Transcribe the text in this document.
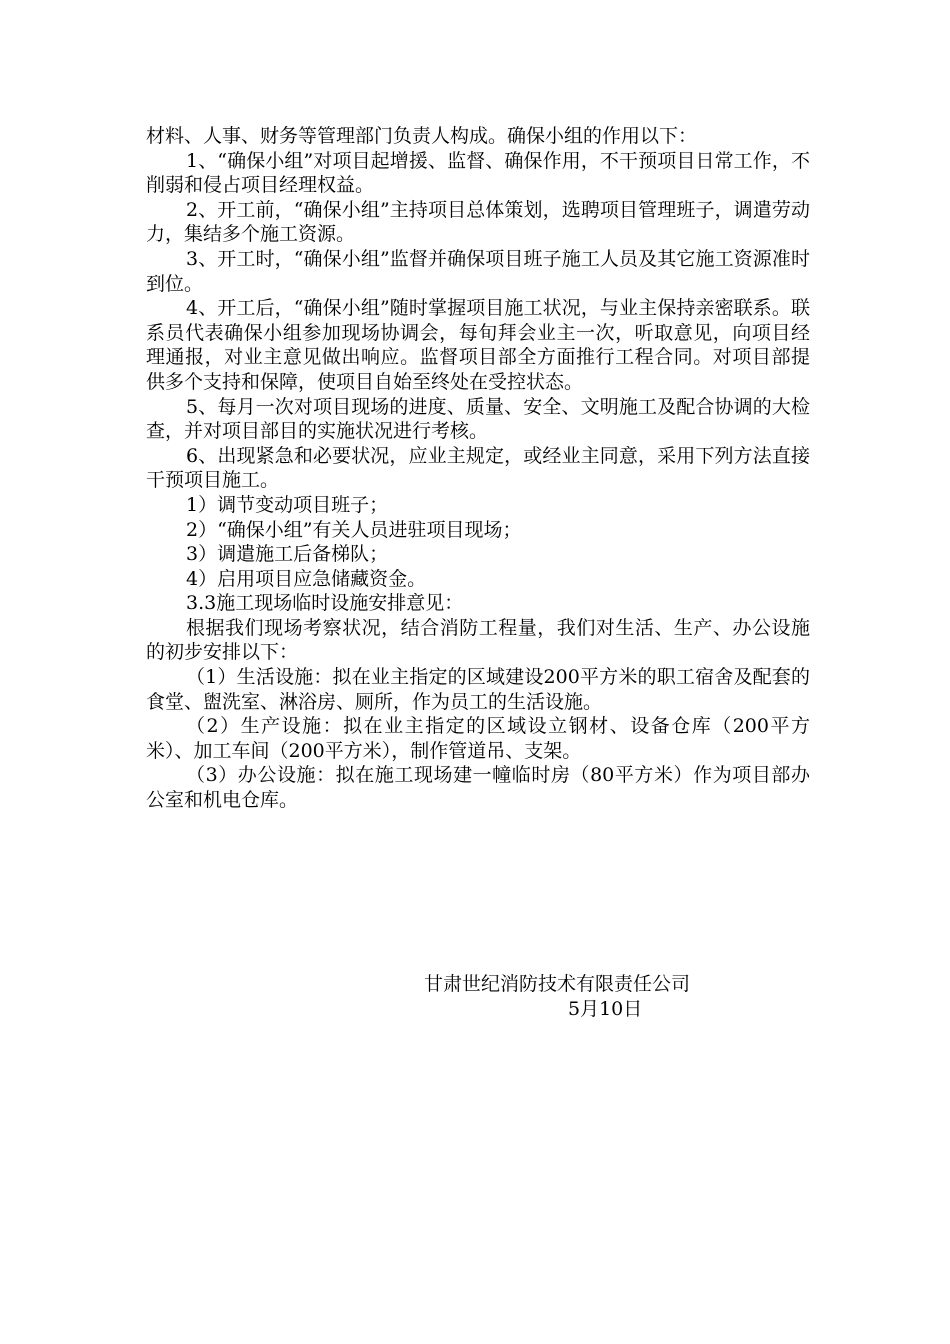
材料、人事、财务等管理部门负责人构成。确保小组的作用以下：

1、“确保小组”对项目起增援、监督、确保作用，不干预项目日常工作，不削弱和侵占项目经理权益。

2、开工前，“确保小组”主持项目总体策划，选聘项目管理班子，调遣劳动力，集结多个施工资源。

3、开工时，“确保小组”监督并确保项目班子施工人员及其它施工资源准时到位。

4、开工后，“确保小组”随时掌握项目施工状况，与业主保持亲密联系。联系员代表确保小组参加现场协调会，每旬拜会业主一次，听取意见，向项目经理通报，对业主意见做出响应。监督项目部全方面推行工程合同。对项目部提供多个支持和保障，使项目自始至终处在受控状态。

5、每月一次对项目现场的进度、质量、安全、文明施工及配合协调的大检查，并对项目部目的实施状况进行考核。

6、出现紧急和必要状况，应业主规定，或经业主同意，采用下列方法直接干预项目施工。

1）调节变动项目班子；

2）“确保小组”有关人员进驻项目现场；

3）调遣施工后备梯队；

4）启用项目应急储藏资金。

3.3施工现场临时设施安排意见：

根据我们现场考察状况，结合消防工程量，我们对生活、生产、办公设施的初步安排以下：

（1）生活设施：拟在业主指定的区域建设200平方米的职工宿舍及配套的食堂、盥洗室、淋浴房、厕所，作为员工的生活设施。

（2）生产设施：拟在业主指定的区域设立钢材、设备仓库（200平方米）、加工车间（200平方米），制作管道吊、支架。

（3）办公设施：拟在施工现场建一幢临时房（80平方米）作为项目部办公室和机电仓库。

甘肃世纪消防技术有限责任公司

5月10日
